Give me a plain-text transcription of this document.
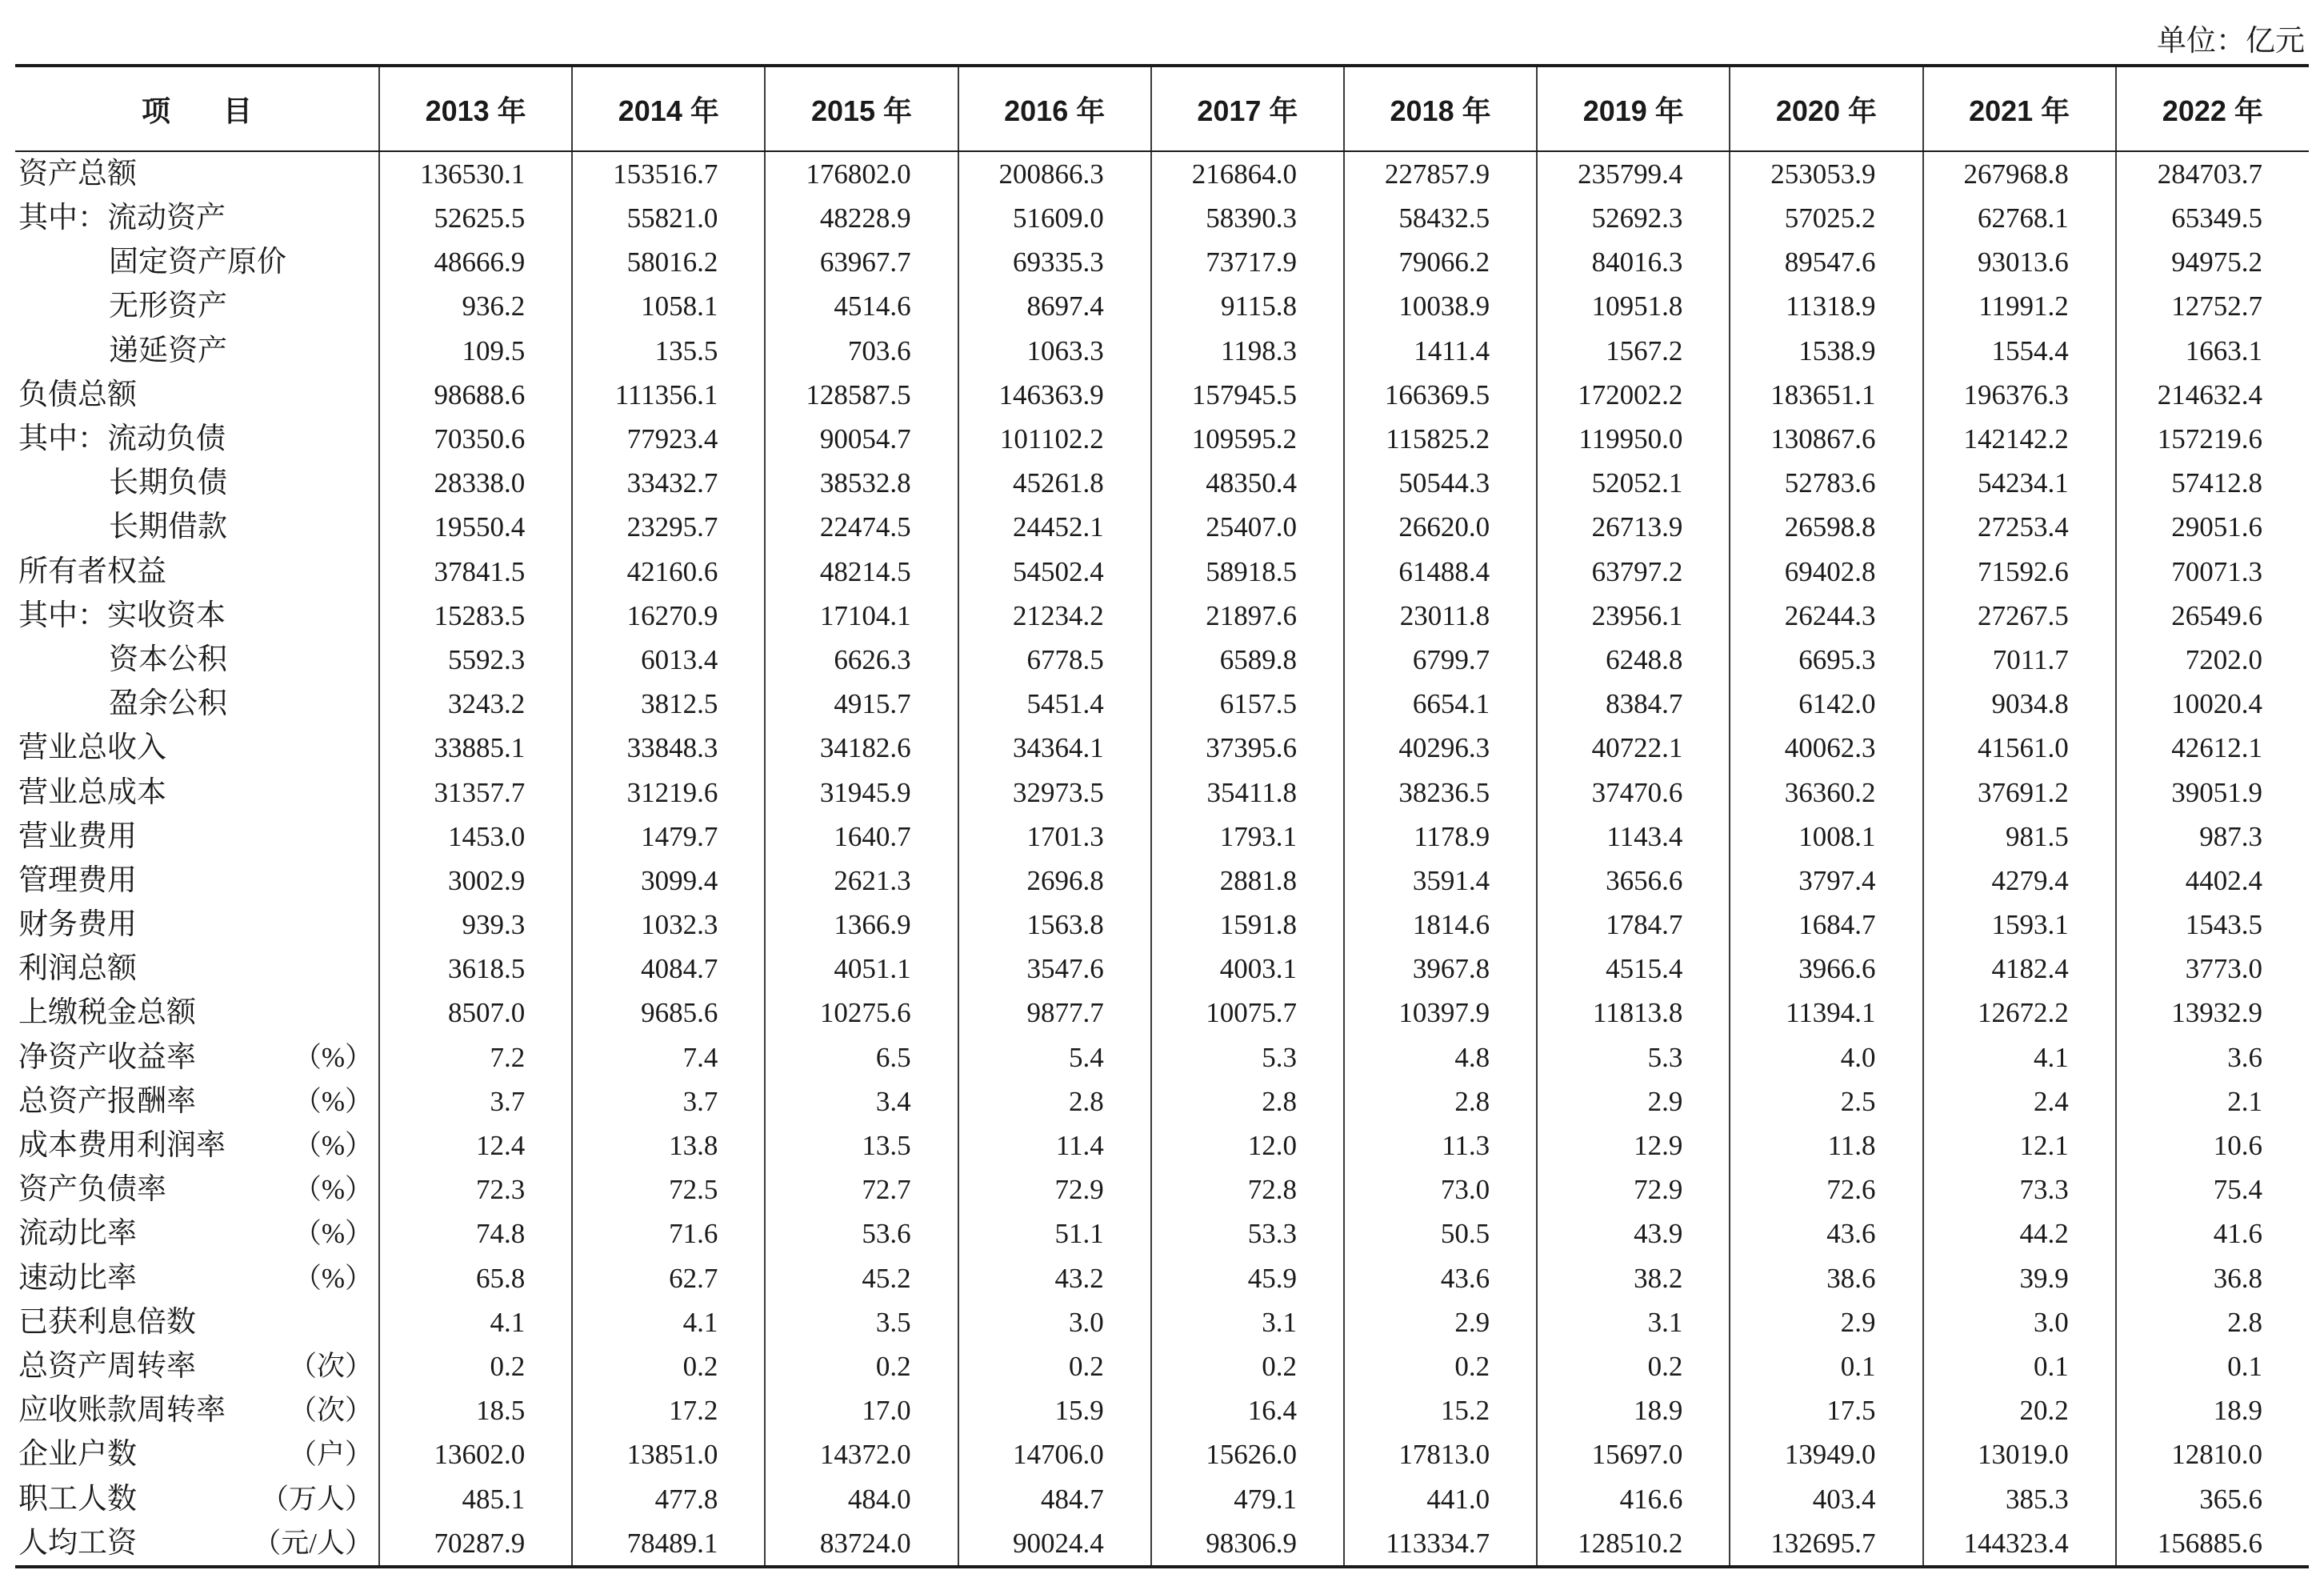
单位：亿元
项目	2013 年	2014 年	2015 年	2016 年	2017 年	2018 年	2019 年	2020 年	2021 年	2022 年

资产总额	136530.1	153516.7	176802.0	200866.3	216864.0	227857.9	235799.4	253053.9	267968.8	284703.7

其中：流动资产	52625.5	55821.0	48228.9	51609.0	58390.3	58432.5	52692.3	57025.2	62768.1	65349.5

固定资产原价	48666.9	58016.2	63967.7	69335.3	73717.9	79066.2	84016.3	89547.6	93013.6	94975.2

无形资产	936.2	1058.1	4514.6	8697.4	9115.8	10038.9	10951.8	11318.9	11991.2	12752.7

递延资产	109.5	135.5	703.6	1063.3	1198.3	1411.4	1567.2	1538.9	1554.4	1663.1

负债总额	98688.6	111356.1	128587.5	146363.9	157945.5	166369.5	172002.2	183651.1	196376.3	214632.4

其中：流动负债	70350.6	77923.4	90054.7	101102.2	109595.2	115825.2	119950.0	130867.6	142142.2	157219.6

长期负债	28338.0	33432.7	38532.8	45261.8	48350.4	50544.3	52052.1	52783.6	54234.1	57412.8

长期借款	19550.4	23295.7	22474.5	24452.1	25407.0	26620.0	26713.9	26598.8	27253.4	29051.6

所有者权益	37841.5	42160.6	48214.5	54502.4	58918.5	61488.4	63797.2	69402.8	71592.6	70071.3

其中：实收资本	15283.5	16270.9	17104.1	21234.2	21897.6	23011.8	23956.1	26244.3	27267.5	26549.6

资本公积	5592.3	6013.4	6626.3	6778.5	6589.8	6799.7	6248.8	6695.3	7011.7	7202.0

盈余公积	3243.2	3812.5	4915.7	5451.4	6157.5	6654.1	8384.7	6142.0	9034.8	10020.4

营业总收入	33885.1	33848.3	34182.6	34364.1	37395.6	40296.3	40722.1	40062.3	41561.0	42612.1

营业总成本	31357.7	31219.6	31945.9	32973.5	35411.8	38236.5	37470.6	36360.2	37691.2	39051.9

营业费用	1453.0	1479.7	1640.7	1701.3	1793.1	1178.9	1143.4	1008.1	981.5	987.3

管理费用	3002.9	3099.4	2621.3	2696.8	2881.8	3591.4	3656.6	3797.4	4279.4	4402.4

财务费用	939.3	1032.3	1366.9	1563.8	1591.8	1814.6	1784.7	1684.7	1593.1	1543.5

利润总额	3618.5	4084.7	4051.1	3547.6	4003.1	3967.8	4515.4	3966.6	4182.4	3773.0

上缴税金总额	8507.0	9685.6	10275.6	9877.7	10075.7	10397.9	11813.8	11394.1	12672.2	13932.9

净资产收益率 （%）	7.2	7.4	6.5	5.4	5.3	4.8	5.3	4.0	4.1	3.6

总资产报酬率 （%）	3.7	3.7	3.4	2.8	2.8	2.8	2.9	2.5	2.4	2.1

成本费用利润率 （%）	12.4	13.8	13.5	11.4	12.0	11.3	12.9	11.8	12.1	10.6

资产负债率 （%）	72.3	72.5	72.7	72.9	72.8	73.0	72.9	72.6	73.3	75.4

流动比率 （%）	74.8	71.6	53.6	51.1	53.3	50.5	43.9	43.6	44.2	41.6

速动比率 （%）	65.8	62.7	45.2	43.2	45.9	43.6	38.2	38.6	39.9	36.8

已获利息倍数	4.1	4.1	3.5	3.0	3.1	2.9	3.1	2.9	3.0	2.8

总资产周转率 （次）	0.2	0.2	0.2	0.2	0.2	0.2	0.2	0.1	0.1	0.1

应收账款周转率 （次）	18.5	17.2	17.0	15.9	16.4	15.2	18.9	17.5	20.2	18.9

企业户数 （户）	13602.0	13851.0	14372.0	14706.0	15626.0	17813.0	15697.0	13949.0	13019.0	12810.0

职工人数 （万人）	485.1	477.8	484.0	484.7	479.1	441.0	416.6	403.4	385.3	365.6

人均工资 （元/人）	70287.9	78489.1	83724.0	90024.4	98306.9	113334.7	128510.2	132695.7	144323.4	156885.6
